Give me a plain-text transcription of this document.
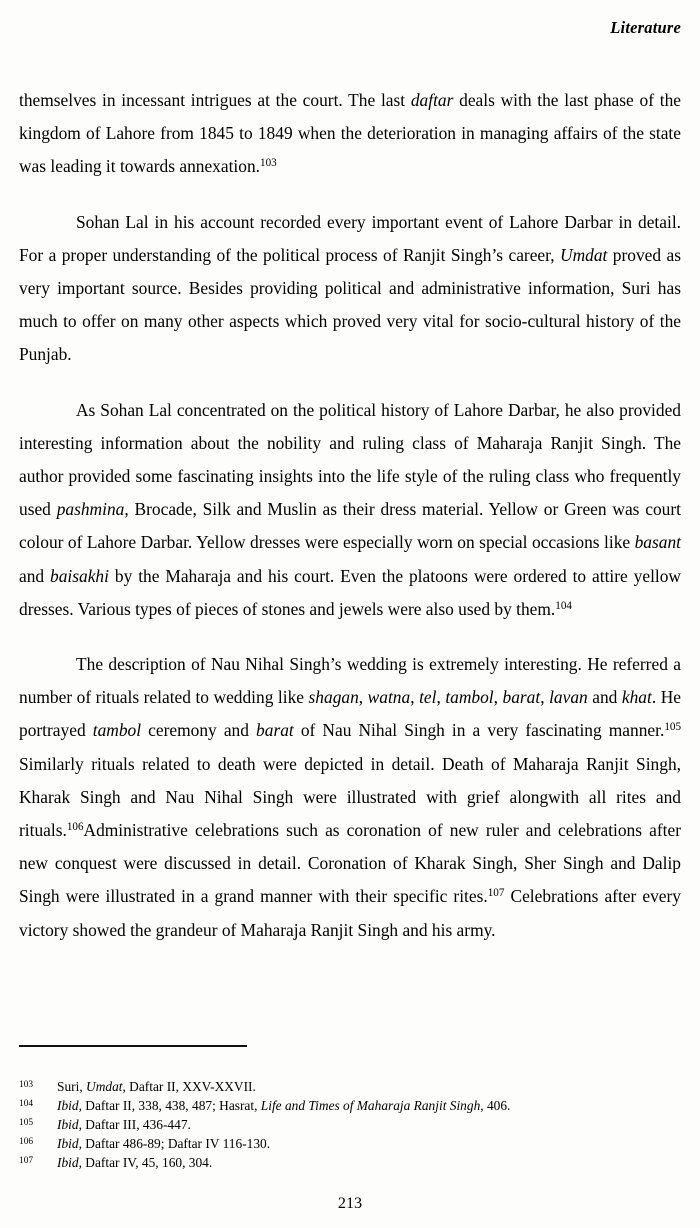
Literature

themselves in incessant intrigues at the court. The last daftar deals with the last phase of the kingdom of Lahore from 1845 to 1849 when the deterioration in managing affairs of the state was leading it towards annexation.$^{103}$

Sohan Lal in his account recorded every important event of Lahore Darbar in detail. For a proper understanding of the political process of Ranjit Singh’s career, Umdat proved as very important source. Besides providing political and administrative information, Suri has much to offer on many other aspects which proved very vital for socio-cultural history of the Punjab.

As Sohan Lal concentrated on the political history of Lahore Darbar, he also provided interesting information about the nobility and ruling class of Maharaja Ranjit Singh. The author provided some fascinating insights into the life style of the ruling class who frequently used pashmina, Brocade, Silk and Muslin as their dress material. Yellow or Green was court colour of Lahore Darbar. Yellow dresses were especially worn on special occasions like basant and baisakhi by the Maharaja and his court. Even the platoons were ordered to attire yellow dresses. Various types of pieces of stones and jewels were also used by them.$^{104}$

The description of Nau Nihal Singh’s wedding is extremely interesting. He referred a number of rituals related to wedding like shagan, watna, tel, tambol, barat, lavan and khat. He portrayed tambol ceremony and barat of Nau Nihal Singh in a very fascinating manner.$^{105}$ Similarly rituals related to death were depicted in detail. Death of Maharaja Ranjit Singh, Kharak Singh and Nau Nihal Singh were illustrated with grief alongwith all rites and rituals.$^{106}$Administrative celebrations such as coronation of new ruler and celebrations after new conquest were discussed in detail. Coronation of Kharak Singh, Sher Singh and Dalip Singh were illustrated in a grand manner with their specific rites.$^{107}$ Celebrations after every victory showed the grandeur of Maharaja Ranjit Singh and his army.

103 Suri, Umdat, Daftar II, XXV-XXVII.
104 Ibid, Daftar II, 338, 438, 487; Hasrat, Life and Times of Maharaja Ranjit Singh, 406.
105 Ibid, Daftar III, 436-447.
106 Ibid, Daftar 486-89; Daftar IV 116-130.
107 Ibid, Daftar IV, 45, 160, 304.
213
